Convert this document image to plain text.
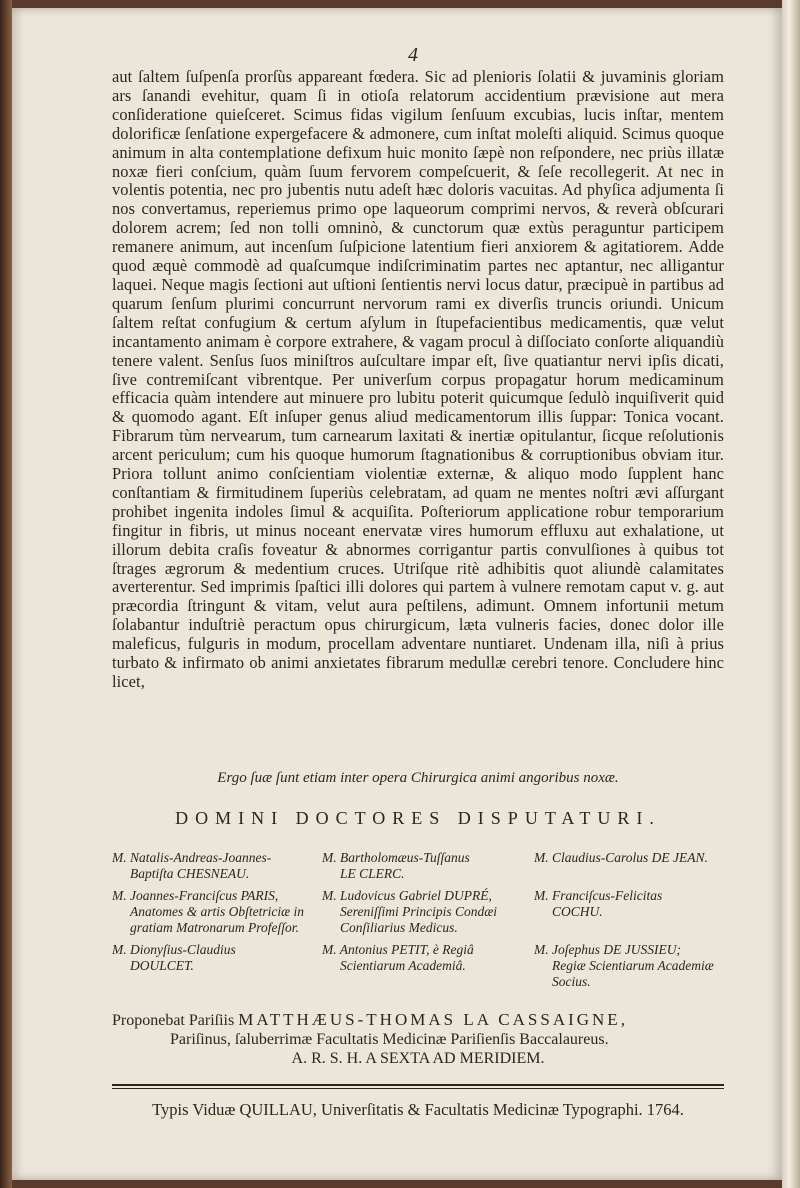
4

aut ſaltem ſuſpenſa prorſùs appareant fœdera. Sic ad plenioris ſolatii & juvaminis gloriam ars ſanandi evehitur, quam ſi in otioſa relatorum accidentium prævisione aut mera conſideratione quieſceret. Scimus fidas vigilum ſenſuum excubias, lucis inſtar, mentem dolorificæ ſenſatione expergefacere & admonere, cum inſtat moleſti aliquid. Scimus quoque animum in alta contemplatione defixum huic monito ſæpè non reſpondere, nec priùs illatæ noxæ fieri conſcium, quàm ſuum fervorem compeſcuerit, & ſeſe recollegerit. At nec in volentis potentia, nec pro jubentis nutu adeſt hæc doloris vacuitas. Ad phyſica adjumenta ſi nos convertamus, reperiemus primo ope laqueorum comprimi nervos, & reverà obſcurari dolorem acrem; ſed non tolli omninò, & cunctorum quæ extùs peraguntur participem remanere animum, aut incenſum ſuſpicione latentium fieri anxiorem & agitatiorem. Adde quod æquè commodè ad quaſcumque indiſcriminatim partes nec aptantur, nec alligantur laquei. Neque magis ſectioni aut uſtioni ſentientis nervi locus datur, præcipuè in partibus ad quarum ſenſum plurimi concurrunt nervorum rami ex diverſis truncis oriundi. Unicum ſaltem reſtat confugium & certum aſylum in ſtupefacientibus medicamentis, quæ velut incantamento animam è corpore extrahere, & vagam procul à diſſociato conſorte aliquandiù tenere valent. Senſus ſuos miniſtros auſcultare impar eſt, ſive quatiantur nervi ipſis dicati, ſive contremiſcant vibrentque. Per univerſum corpus propagatur horum medicaminum efficacia quàm intendere aut minuere pro lubitu poterit quicumque ſedulò inquiſiverit quid & quomodo agant. Eſt inſuper genus aliud medicamentorum illis ſuppar: Tonica vocant. Fibrarum tùm nervearum, tum carnearum laxitati & inertiæ opitulantur, ſicque reſolutionis arcent periculum; cum his quoque humorum ſtagnationibus & corruptionibus obviam itur. Priora tollunt animo conſcientiam violentiæ externæ, & aliquo modo ſupplent hanc conſtantiam & firmitudinem ſuperiùs celebratam, ad quam ne mentes noſtri ævi aſſurgant prohibet ingenita indoles ſimul & acquiſita. Poſteriorum applicatione robur temporarium fingitur in fibris, ut minus noceant enervatæ vires humorum effluxu aut exhalatione, ut illorum debita craſis foveatur & abnormes corrigantur partis convulſiones à quibus tot ſtrages ægrorum & medentium cruces. Utriſque ritè adhibitis quot aliundè calamitates averterentur. Sed imprimis ſpaſtici illi dolores qui partem à vulnere remotam caput v. g. aut præcordia ſtringunt & vitam, velut aura peſtilens, adimunt. Omnem infortunii metum ſolabantur induſtriè peractum opus chirurgicum, læta vulneris facies, donec dolor ille maleficus, fulguris in modum, procellam adventare nuntiaret. Undenam illa, niſi à prius turbato & infirmato ob animi anxietates fibrarum medullæ cerebri tenore. Concludere hinc licet,

Ergo ſuæ ſunt etiam inter opera Chirurgica animi angoribus noxæ.
DOMINI DOCTORES DISPUTATURI.
M. Natalis-Andreas-Joannes-
Baptiſta CHESNEAU.
M. Bartholomæus-Tuſſanus
LE CLERC.
M. Claudius-Carolus DE JEAN.
M. Joannes-Franciſcus PARIS,
Anatomes & artis Obſtetriciæ in gratiam Matronarum Profeſſor.
M. Ludovicus Gabriel DUPRÉ,
Sereniſſimi Principis Condæi Conſiliarius Medicus.
M. Franciſcus-Felicitas
COCHU.
M. Dionyſius-Claudius
DOULCET.
M. Antonius PETIT, è Regiâ
Scientiarum Academiâ.
M. Joſephus DE JUSSIEU;
Regiæ Scientiarum Academiæ Socius.
Proponebat Pariſiis MATTHÆUS-THOMAS LA CASSAIGNE,
Pariſinus, ſaluberrimæ Facultatis Medicinæ Pariſienſis Baccalaureus.
A. R. S. H. A SEXTA AD MERIDIEM.
Typis Viduæ QUILLAU, Univerſitatis & Facultatis Medicinæ Typographi. 1764.
